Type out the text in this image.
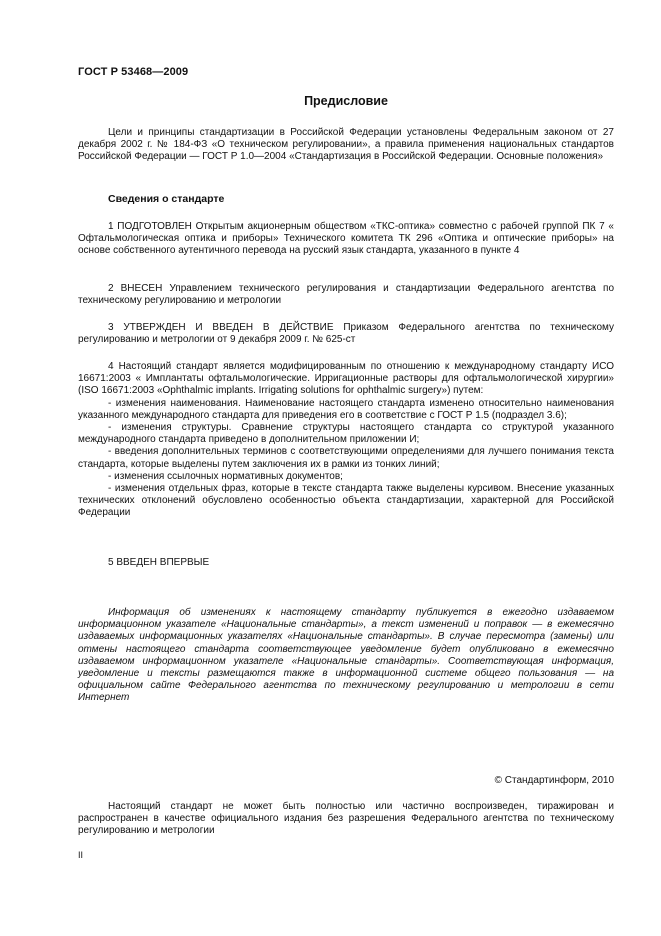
ГОСТ Р 53468—2009
Предисловие

Цели и принципы стандартизации в Российской Федерации установлены Федеральным законом от 27 декабря 2002 г. № 184-ФЗ «О техническом регулировании», а правила применения национальных стандартов Российской Федерации — ГОСТ Р 1.0—2004 «Стандартизация в Российской Федерации. Основные положения»

Сведения о стандарте

1 ПОДГОТОВЛЕН Открытым акционерным обществом «ТКС-оптика» совместно с рабочей группой ПК 7 « Офтальмологическая оптика и приборы» Технического комитета ТК 296 «Оптика и оптические приборы» на основе собственного аутентичного перевода на русский язык стандарта, указанного в пункте 4

2 ВНЕСЕН Управлением технического регулирования и стандартизации Федерального агентства по техническому регулированию и метрологии

3 УТВЕРЖДЕН И ВВЕДЕН В ДЕЙСТВИЕ Приказом Федерального агентства по техническому регулированию и метрологии от 9 декабря 2009 г. № 625-ст

4 Настоящий стандарт является модифицированным по отношению к международному стандарту ИСО 16671:2003 « Имплантаты офтальмологические. Ирригационные растворы для офтальмологической хирургии» (ISO 16671:2003 «Ophthalmic implants. Irrigating solutions for ophthalmic surgery») путем:

- изменения наименования. Наименование настоящего стандарта изменено относительно наименования указанного международного стандарта для приведения его в соответствие с ГОСТ Р 1.5 (подраздел 3.6);

- изменения структуры. Сравнение структуры настоящего стандарта со структурой указанного международного стандарта приведено в дополнительном приложении И;

- введения дополнительных терминов с соответствующими определениями для лучшего понимания текста стандарта, которые выделены путем заключения их в рамки из тонких линий;

- изменения ссылочных нормативных документов;

- изменения отдельных фраз, которые в тексте стандарта также выделены курсивом. Внесение указанных технических отклонений обусловлено особенностью объекта стандартизации, характерной для Российской Федерации

5 ВВЕДЕН ВПЕРВЫЕ

Информация об изменениях к настоящему стандарту публикуется в ежегодно издаваемом информационном указателе «Национальные стандарты», а текст изменений и поправок — в ежемесячно издаваемых информационных указателях «Национальные стандарты». В случае пересмотра (замены) или отмены настоящего стандарта соответствующее уведомление будет опубликовано в ежемесячно издаваемом информационном указателе «Национальные стандарты». Соответствующая информация, уведомление и тексты размещаются также в информационной системе общего пользования — на официальном сайте Федерального агентства по техническому регулированию и метрологии в сети Интернет

© Стандартинформ, 2010

Настоящий стандарт не может быть полностью или частично воспроизведен, тиражирован и распространен в качестве официального издания без разрешения Федерального агентства по техническому регулированию и метрологии

II
